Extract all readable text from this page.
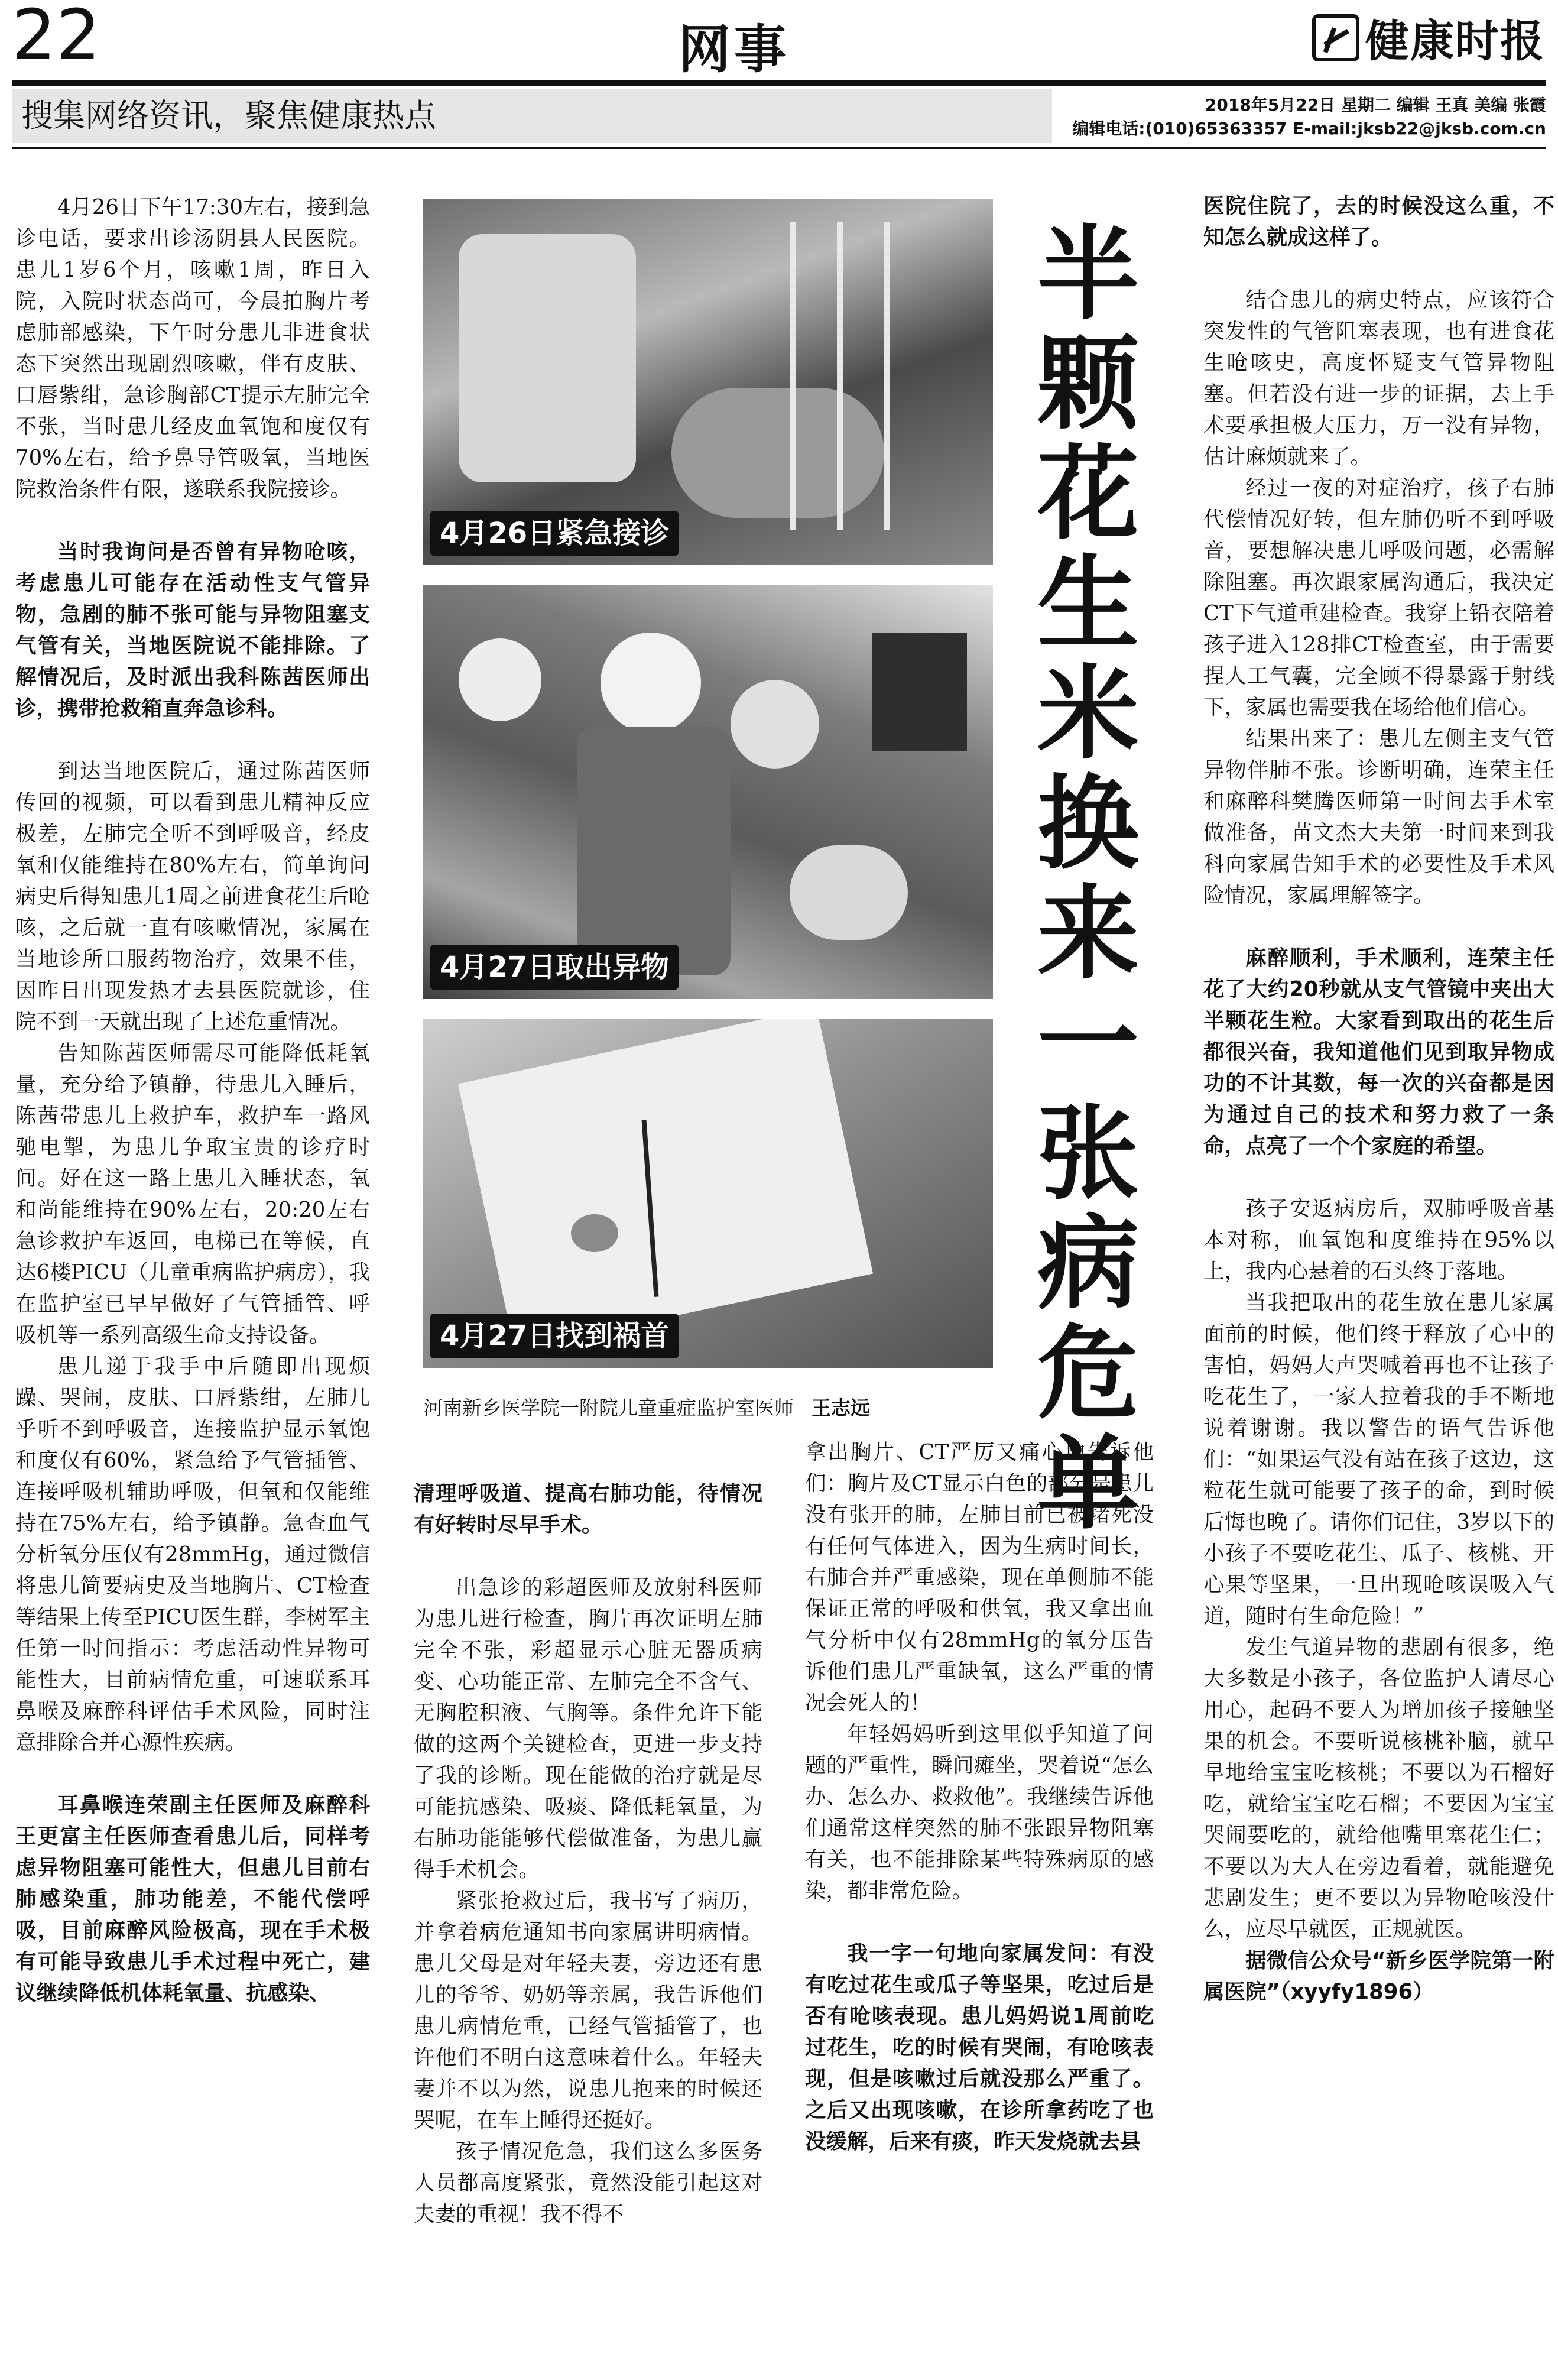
22	网事	健康时报
搜集网络资讯，聚焦健康热点	2018年5月22日 星期二 编辑 王真 美编 张霞
编辑电话:(010)65363357 E-mail:jksb22@jksb.com.cn

4月26日下午17:30左右，接到急诊电话，要求出诊汤阴县人民医院。患儿1岁6个月，咳嗽1周，昨日入院，入院时状态尚可，今晨拍胸片考虑肺部感染，下午时分患儿非进食状态下突然出现剧烈咳嗽，伴有皮肤、口唇紫绀，急诊胸部CT提示左肺完全不张，当时患儿经皮血氧饱和度仅有70%左右，给予鼻导管吸氧，当地医院救治条件有限，遂联系我院接诊。

当时我询问是否曾有异物呛咳，考虑患儿可能存在活动性支气管异物，急剧的肺不张可能与异物阻塞支气管有关，当地医院说不能排除。了解情况后，及时派出我科陈茜医师出诊，携带抢救箱直奔急诊科。

到达当地医院后，通过陈茜医师传回的视频，可以看到患儿精神反应极差，左肺完全听不到呼吸音，经皮氧和仅能维持在80%左右，简单询问病史后得知患儿1周之前进食花生后呛咳，之后就一直有咳嗽情况，家属在当地诊所口服药物治疗，效果不佳，因昨日出现发热才去县医院就诊，住院不到一天就出现了上述危重情况。

告知陈茜医师需尽可能降低耗氧量，充分给予镇静，待患儿入睡后，陈茜带患儿上救护车，救护车一路风驰电掣，为患儿争取宝贵的诊疗时间。好在这一路上患儿入睡状态，氧和尚能维持在90%左右，20:20左右急诊救护车返回，电梯已在等候，直达6楼PICU（儿童重病监护病房），我在监护室已早早做好了气管插管、呼吸机等一系列高级生命支持设备。

患儿递于我手中后随即出现烦躁、哭闹，皮肤、口唇紫绀，左肺几乎听不到呼吸音，连接监护显示氧饱和度仅有60%，紧急给予气管插管、连接呼吸机辅助呼吸，但氧和仅能维持在75%左右，给予镇静。急查血气分析氧分压仅有28mmHg，通过微信将患儿简要病史及当地胸片、CT检查等结果上传至PICU医生群，李树军主任第一时间指示：考虑活动性异物可能性大，目前病情危重，可速联系耳鼻喉及麻醉科评估手术风险，同时注意排除合并心源性疾病。

耳鼻喉连荣副主任医师及麻醉科王更富主任医师查看患儿后，同样考虑异物阻塞可能性大，但患儿目前右肺感染重，肺功能差，不能代偿呼吸，目前麻醉风险极高，现在手术极有可能导致患儿手术过程中死亡，建议继续降低机体耗氧量、抗感染、

4月26日紧急接诊
4月27日取出异物
4月27日找到祸首
河南新乡医学院一附院儿童重症监护室医师 王志远
半颗花生米换来一张病危单

清理呼吸道、提高右肺功能，待情况有好转时尽早手术。

出急诊的彩超医师及放射科医师为患儿进行检查，胸片再次证明左肺完全不张，彩超显示心脏无器质病变、心功能正常、左肺完全不含气、无胸腔积液、气胸等。条件允许下能做的这两个关键检查，更进一步支持了我的诊断。现在能做的治疗就是尽可能抗感染、吸痰、降低耗氧量，为右肺功能能够代偿做准备，为患儿赢得手术机会。

紧张抢救过后，我书写了病历，并拿着病危通知书向家属讲明病情。患儿父母是对年轻夫妻，旁边还有患儿的爷爷、奶奶等亲属，我告诉他们患儿病情危重，已经气管插管了，也许他们不明白这意味着什么。年轻夫妻并不以为然，说患儿抱来的时候还哭呢，在车上睡得还挺好。

孩子情况危急，我们这么多医务人员都高度紧张，竟然没能引起这对夫妻的重视！我不得不

拿出胸片、CT严厉又痛心地告诉他们：胸片及CT显示白色的部分是患儿没有张开的肺，左肺目前已被堵死没有任何气体进入，因为生病时间长，右肺合并严重感染，现在单侧肺不能保证正常的呼吸和供氧，我又拿出血气分析中仅有28mmHg的氧分压告诉他们患儿严重缺氧，这么严重的情况会死人的！

年轻妈妈听到这里似乎知道了问题的严重性，瞬间瘫坐，哭着说“怎么办、怎么办、救救他”。我继续告诉他们通常这样突然的肺不张跟异物阻塞有关，也不能排除某些特殊病原的感染，都非常危险。

我一字一句地向家属发问：有没有吃过花生或瓜子等坚果，吃过后是否有呛咳表现。患儿妈妈说1周前吃过花生，吃的时候有哭闹，有呛咳表现，但是咳嗽过后就没那么严重了。之后又出现咳嗽，在诊所拿药吃了也没缓解，后来有痰，昨天发烧就去县

医院住院了，去的时候没这么重，不知怎么就成这样了。

结合患儿的病史特点，应该符合突发性的气管阻塞表现，也有进食花生呛咳史，高度怀疑支气管异物阻塞。但若没有进一步的证据，去上手术要承担极大压力，万一没有异物，估计麻烦就来了。

经过一夜的对症治疗，孩子右肺代偿情况好转，但左肺仍听不到呼吸音，要想解决患儿呼吸问题，必需解除阻塞。再次跟家属沟通后，我决定CT下气道重建检查。我穿上铅衣陪着孩子进入128排CT检查室，由于需要捏人工气囊，完全顾不得暴露于射线下，家属也需要我在场给他们信心。

结果出来了：患儿左侧主支气管异物伴肺不张。诊断明确，连荣主任和麻醉科樊腾医师第一时间去手术室做准备，苗文杰大夫第一时间来到我科向家属告知手术的必要性及手术风险情况，家属理解签字。

麻醉顺利，手术顺利，连荣主任花了大约20秒就从支气管镜中夹出大半颗花生粒。大家看到取出的花生后都很兴奋，我知道他们见到取异物成功的不计其数，每一次的兴奋都是因为通过自己的技术和努力救了一条命，点亮了一个个家庭的希望。

孩子安返病房后，双肺呼吸音基本对称，血氧饱和度维持在95%以上，我内心悬着的石头终于落地。

当我把取出的花生放在患儿家属面前的时候，他们终于释放了心中的害怕，妈妈大声哭喊着再也不让孩子吃花生了，一家人拉着我的手不断地说着谢谢。我以警告的语气告诉他们：“如果运气没有站在孩子这边，这粒花生就可能要了孩子的命，到时候后悔也晚了。请你们记住，3岁以下的小孩子不要吃花生、瓜子、核桃、开心果等坚果，一旦出现呛咳误吸入气道，随时有生命危险！”

发生气道异物的悲剧有很多，绝大多数是小孩子，各位监护人请尽心用心，起码不要人为增加孩子接触坚果的机会。不要听说核桃补脑，就早早地给宝宝吃核桃；不要以为石榴好吃，就给宝宝吃石榴；不要因为宝宝哭闹要吃的，就给他嘴里塞花生仁；不要以为大人在旁边看着，就能避免悲剧发生；更不要以为异物呛咳没什么，应尽早就医，正规就医。

据微信公众号“新乡医学院第一附属医院”（xyyfy1896）
